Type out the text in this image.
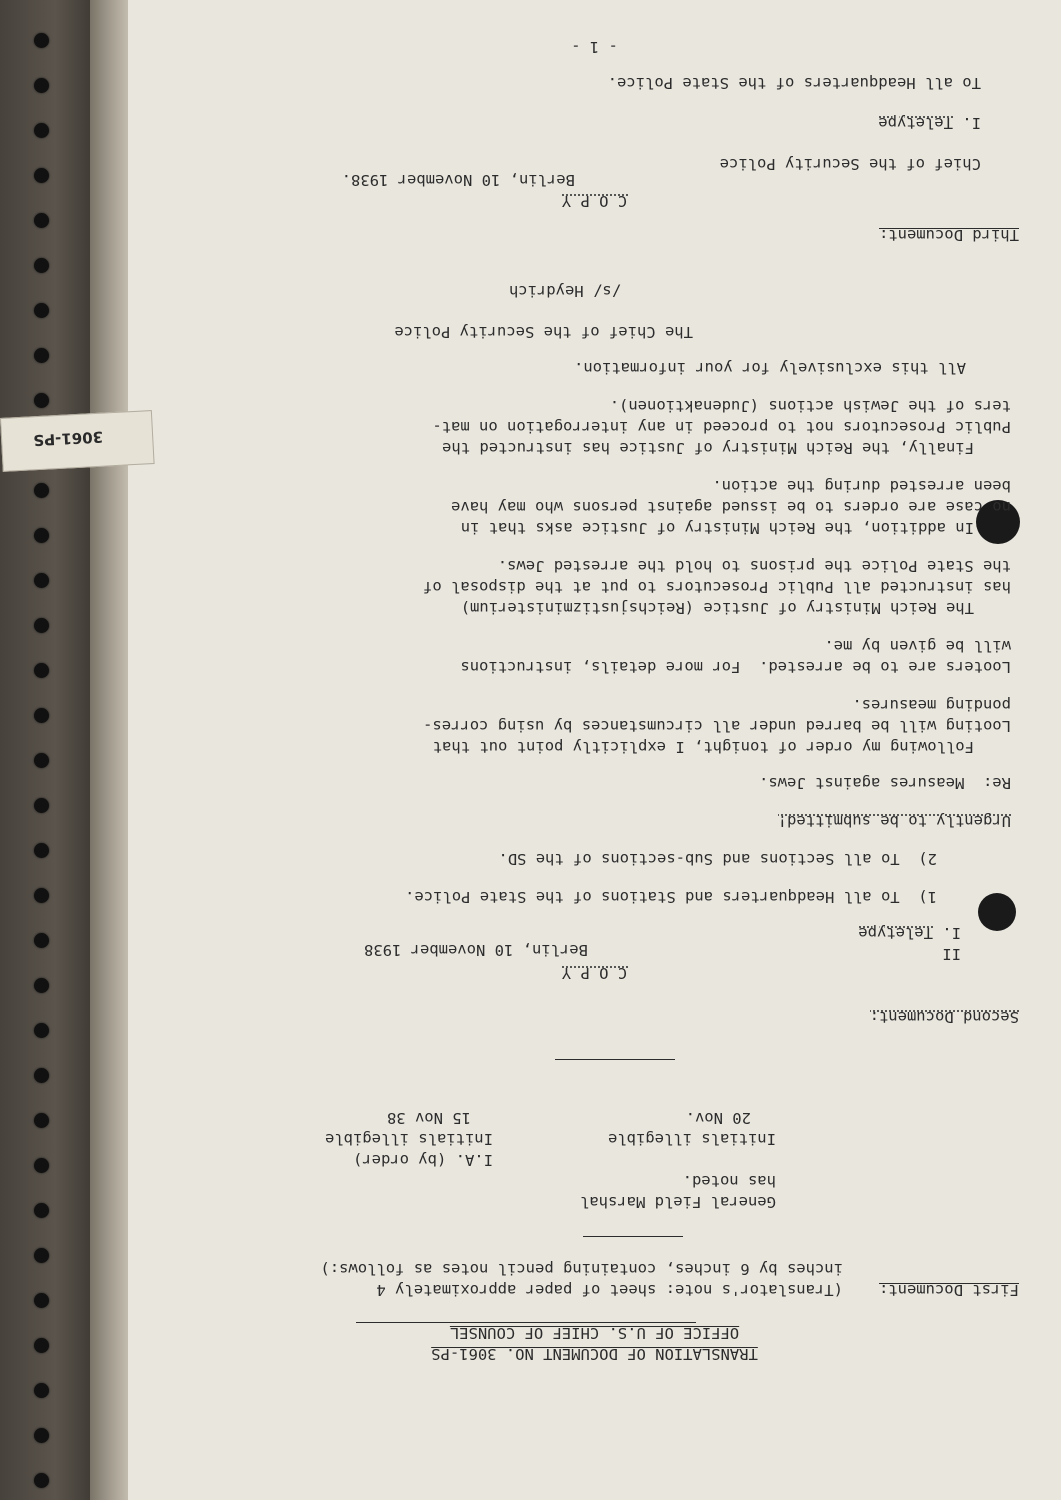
TRANSLATION OF DOCUMENT NO. 3061-PS
OFFICE OF U.S. CHIEF OF COUNSEL
First Document:
(Translator's note: sheet of paper approximately 4
inches by 6 inches, containing pencil notes as follows:)
General Field Marshal
has noted.
I.A. (by order)
Initials illegible
Initials illegible
20 Nov.
15 Nov 38
Second Document:
C O P Y
II
I. Teletype
Berlin, 10 November 1938
1)  To all Headquarters and Stations of the State Police.
2)  To all Sections and Sub-sections of the SD.
Urgently to be submitted!
Re:  Measures against Jews.
Following my order of tonight, I explicitly point out that
Looting will be barred under all circumstances by using corres-
ponding measures.
Looters are to be arrested.  For more details, instructions
will be given by me.
The Reich Ministry of Justice (Reichsjustizministerium)
has instructed all Public Prosecutors to put at the disposal of
the State Police the prisons to hold the arrested Jews.
In addition, the Reich Ministry of Justice asks that in
no case are orders to be issued against persons who may have
been arrested during the action.
Finally, the Reich Ministry of Justice has instructed the
Public Prosecutors not to proceed in any interrogation on mat-
ters of the Jewish actions (Judenaktionen).
All this exclusively for your information.
The Chief of the Security Police
/s/ Heydrich
Third Document:
C O P Y
Berlin, 10 November 1938.
Chief of the Security Police
I. Teletype
To all Headquarters of the State Police.
- 1 -
3061-PS
